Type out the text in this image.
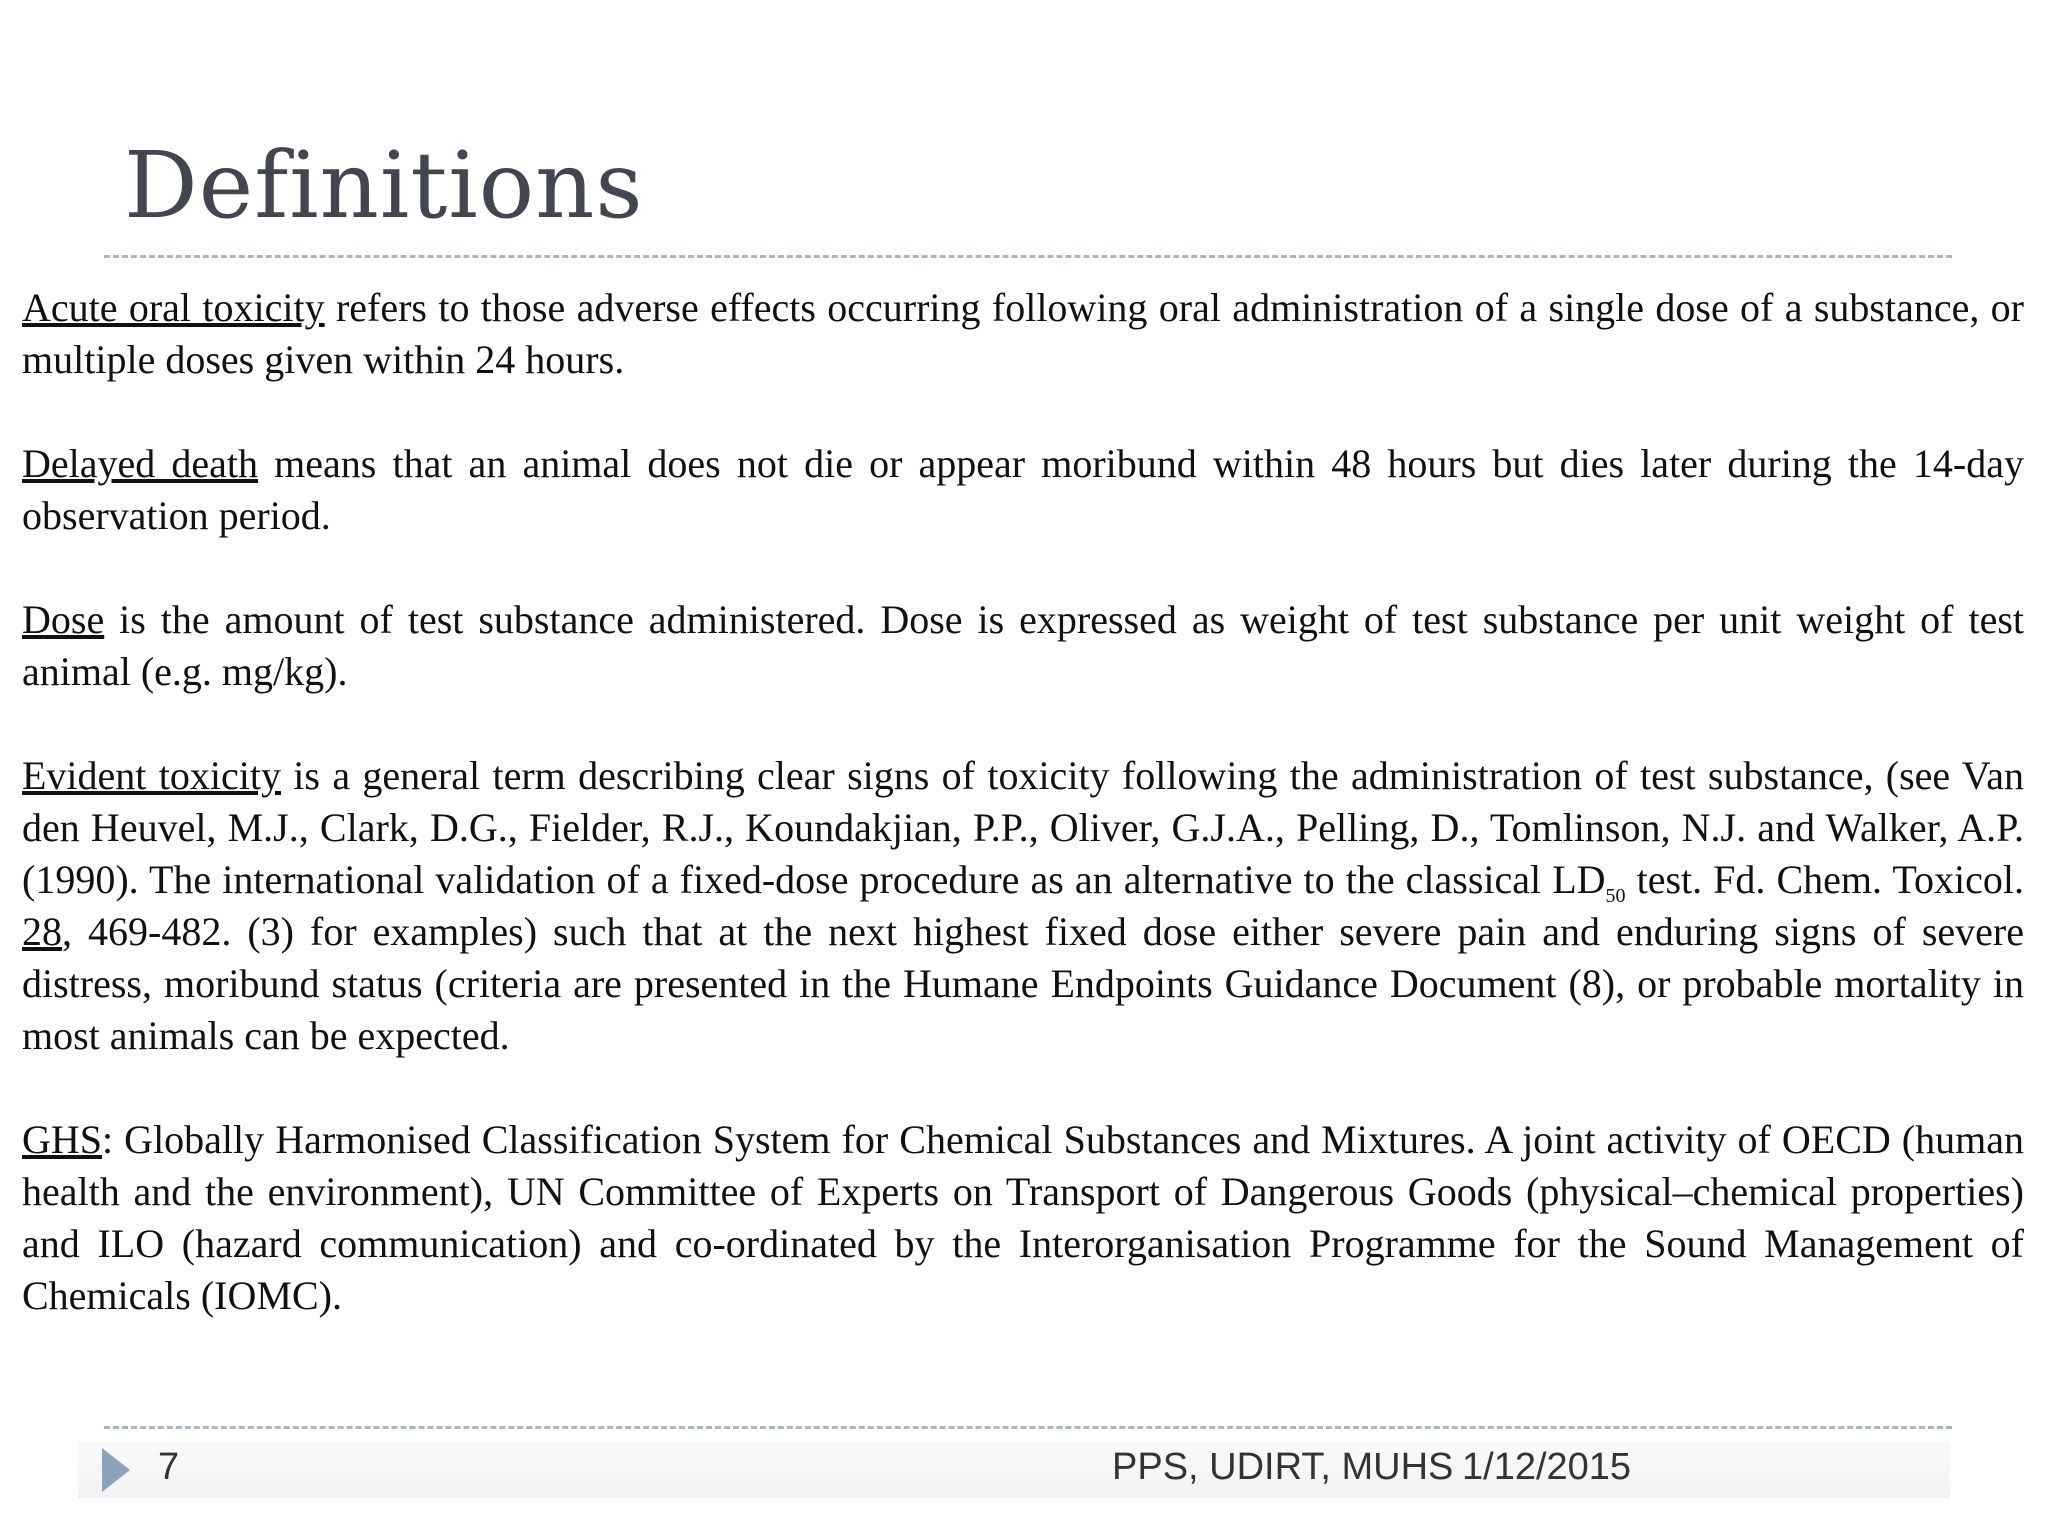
Definitions

Acute oral toxicity refers to those adverse effects occurring following oral administration of a single dose of a substance, or multiple doses given within 24 hours.

Delayed death means that an animal does not die or appear moribund within 48 hours but dies later during the 14-day observation period.

Dose is the amount of test substance administered. Dose is expressed as weight of test substance per unit weight of test animal (e.g. mg/kg).

Evident toxicity is a general term describing clear signs of toxicity following the administration of test substance, (see Van den Heuvel, M.J., Clark, D.G., Fielder, R.J., Koundakjian, P.P., Oliver, G.J.A., Pelling, D., Tomlinson, N.J. and Walker, A.P. (1990). The international validation of a fixed-dose procedure as an alternative to the classical $LD_{50}$ test. Fd. Chem. Toxicol. 28, 469-482. (3) for examples) such that at the next highest fixed dose either severe pain and enduring signs of severe distress, moribund status (criteria are presented in the Humane Endpoints Guidance Document (8), or probable mortality in most animals can be expected.

GHS: Globally Harmonised Classification System for Chemical Substances and Mixtures. A joint activity of OECD (human health and the environment), UN Committee of Experts on Transport of Dangerous Goods (physical–chemical properties) and ILO (hazard communication) and co-ordinated by the Interorganisation Programme for the Sound Management of Chemicals (IOMC).

7	PPS, UDIRT, MUHS 1/12/2015
